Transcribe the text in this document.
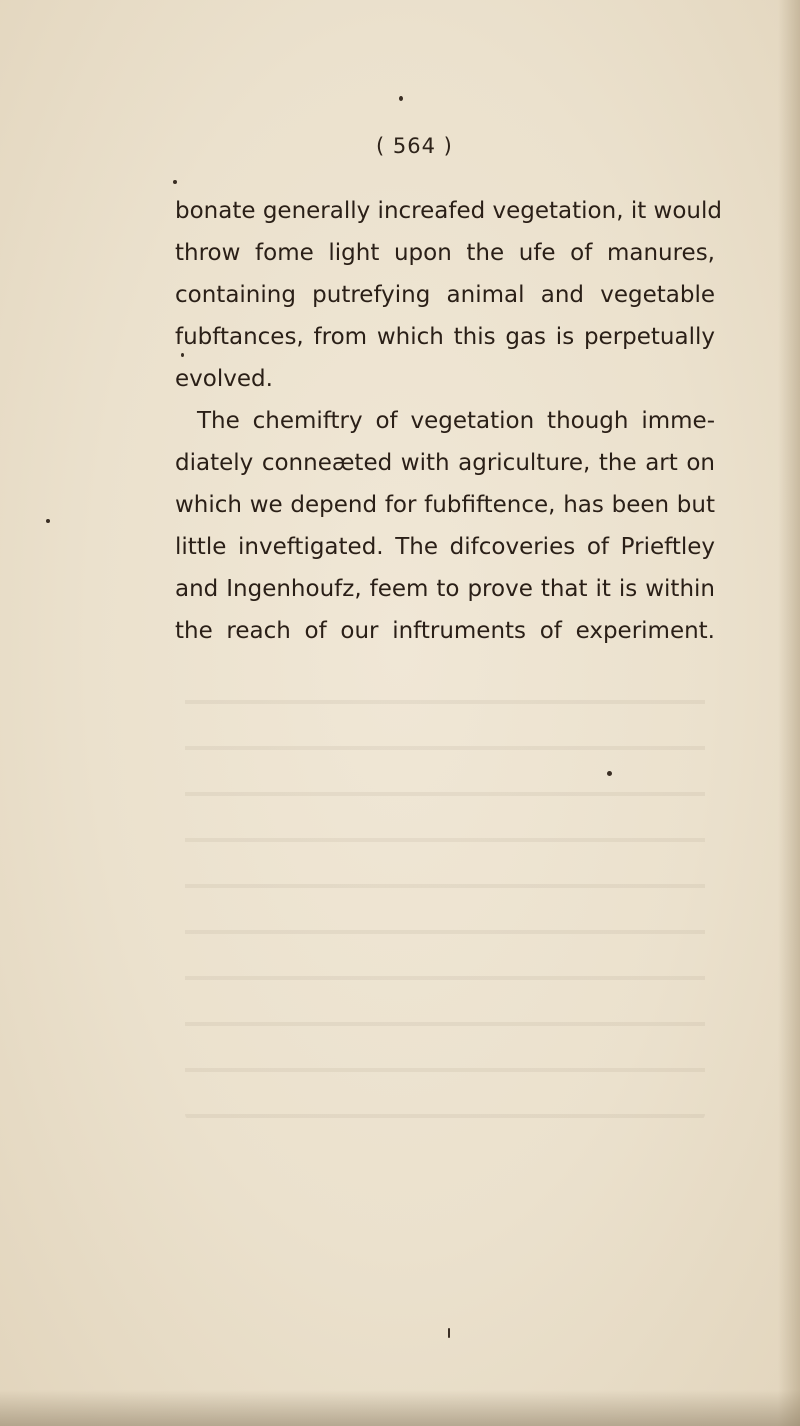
( 564 )
bonate generally increafed vegetation, it would
throw fome light upon the ufe of manures,
containing putrefying animal and vegetable
fubftances, from which this gas is perpetually
evolved.
The chemiftry of vegetation though imme-
diately conneæted with agriculture, the art on
which we depend for fubfiftence, has been but
little inveftigated. The difcoveries of Prieftley
and Ingenhoufz, feem to prove that it is within
the reach of our inftruments of experiment.
